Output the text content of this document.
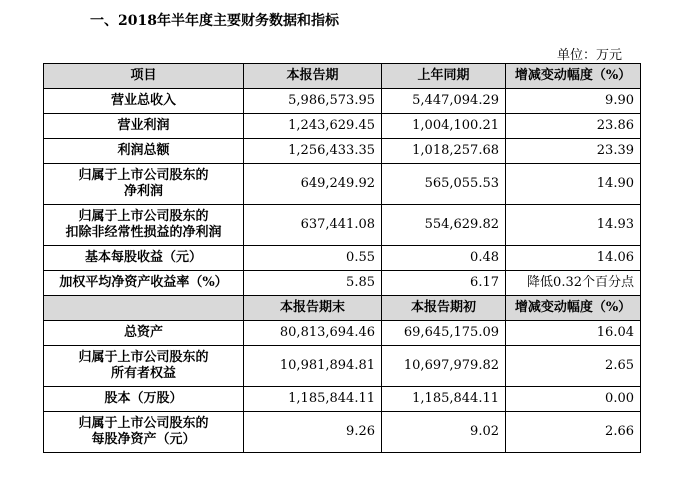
一、2018年半年度主要财务数据和指标
单位：万元
项目	本报告期	上年同期	增减变动幅度（%）
营业总收入	5,986,573.95	5,447,094.29	9.90
营业利润	1,243,629.45	1,004,100.21	23.86
利润总额	1,256,433.35	1,018,257.68	23.39
归属于上市公司股东的
净利润	649,249.92	565,055.53	14.90
归属于上市公司股东的
扣除非经常性损益的净利润	637,441.08	554,629.82	14.93
基本每股收益（元）	0.55	0.48	14.06
加权平均净资产收益率（%）	5.85	6.17	降低0.32个百分点
	本报告期末	本报告期初	增减变动幅度（%）
总资产	80,813,694.46	69,645,175.09	16.04
归属于上市公司股东的
所有者权益	10,981,894.81	10,697,979.82	2.65
股本（万股）	1,185,844.11	1,185,844.11	0.00
归属于上市公司股东的
每股净资产（元）	9.26	9.02	2.66
